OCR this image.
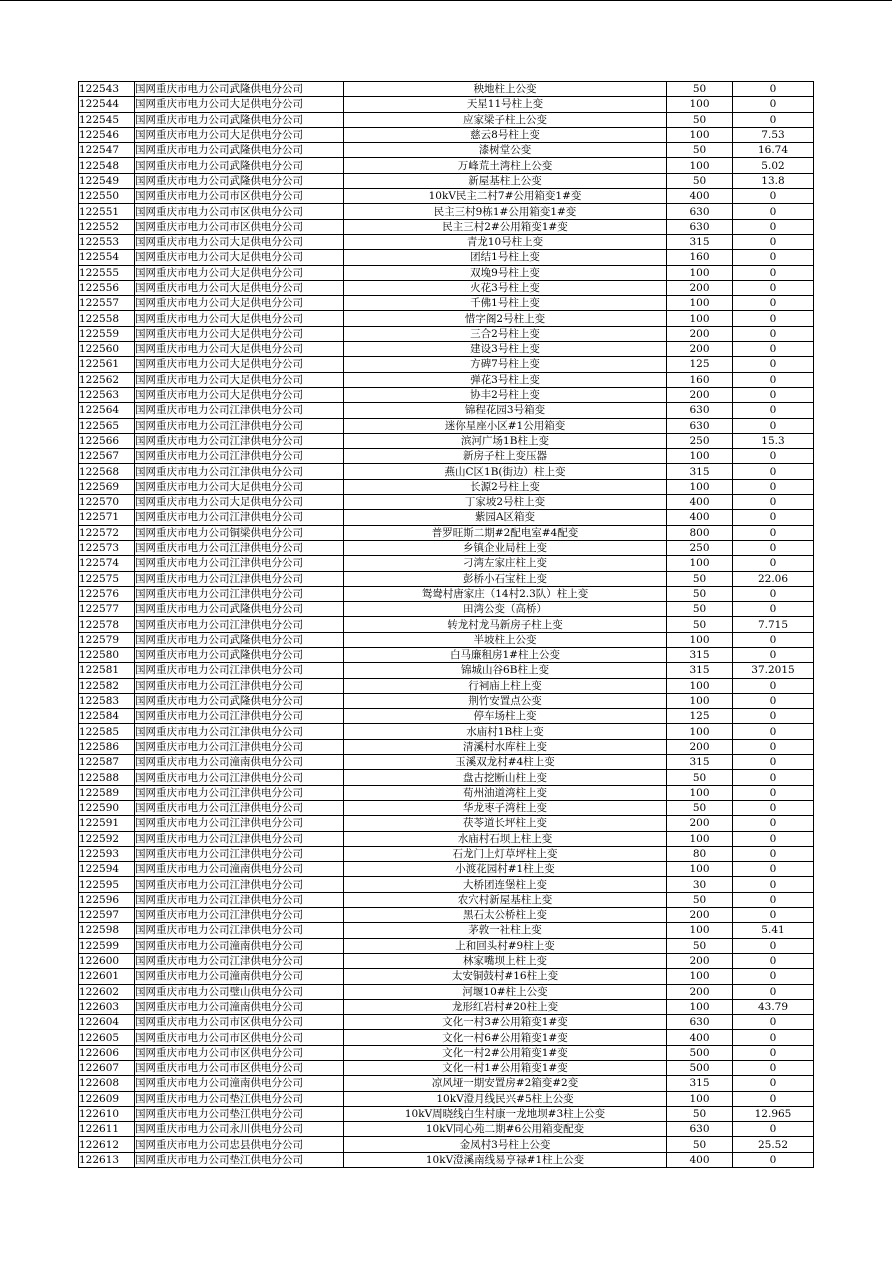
122543	国网重庆市电力公司武隆供电分公司	秧地柱上公变	50	0
122544	国网重庆市电力公司大足供电分公司	天星11号柱上变	100	0
122545	国网重庆市电力公司武隆供电分公司	应家梁子柱上公变	50	0
122546	国网重庆市电力公司大足供电分公司	慈云8号柱上变	100	7.53
122547	国网重庆市电力公司武隆供电分公司	漆树堂公变	50	16.74
122548	国网重庆市电力公司武隆供电分公司	万峰荒土湾柱上公变	100	5.02
122549	国网重庆市电力公司武隆供电分公司	新屋基柱上公变	50	13.8
122550	国网重庆市电力公司市区供电分公司	10kV民主二村7#公用箱变1#变	400	0
122551	国网重庆市电力公司市区供电分公司	民主三村9栋1#公用箱变1#变	630	0
122552	国网重庆市电力公司市区供电分公司	民主三村2#公用箱变1#变	630	0
122553	国网重庆市电力公司大足供电分公司	青龙10号柱上变	315	0
122554	国网重庆市电力公司大足供电分公司	团结1号柱上变	160	0
122555	国网重庆市电力公司大足供电分公司	双堍9号柱上变	100	0
122556	国网重庆市电力公司大足供电分公司	火花3号柱上变	200	0
122557	国网重庆市电力公司大足供电分公司	千佛1号柱上变	100	0
122558	国网重庆市电力公司大足供电分公司	惜字阁2号柱上变	100	0
122559	国网重庆市电力公司大足供电分公司	三合2号柱上变	200	0
122560	国网重庆市电力公司大足供电分公司	建设3号柱上变	200	0
122561	国网重庆市电力公司大足供电分公司	方碑7号柱上变	125	0
122562	国网重庆市电力公司大足供电分公司	弹花3号柱上变	160	0
122563	国网重庆市电力公司大足供电分公司	协丰2号柱上变	200	0
122564	国网重庆市电力公司江津供电分公司	锦程花园3号箱变	630	0
122565	国网重庆市电力公司江津供电分公司	迷你星座小区#1公用箱变	630	0
122566	国网重庆市电力公司江津供电分公司	滨河广场1B柱上变	250	15.3
122567	国网重庆市电力公司江津供电分公司	新房子柱上变压器	100	0
122568	国网重庆市电力公司江津供电分公司	燕山C区1B(街边）柱上变	315	0
122569	国网重庆市电力公司大足供电分公司	长源2号柱上变	100	0
122570	国网重庆市电力公司大足供电分公司	丁家坡2号柱上变	400	0
122571	国网重庆市电力公司江津供电分公司	紫园A区箱变	400	0
122572	国网重庆市电力公司铜梁供电分公司	普罗旺斯二期#2配电室#4配变	800	0
122573	国网重庆市电力公司江津供电分公司	乡镇企业局柱上变	250	0
122574	国网重庆市电力公司江津供电分公司	刁湾左家庄柱上变	100	0
122575	国网重庆市电力公司江津供电分公司	彭桥小石宝柱上变	50	22.06
122576	国网重庆市电力公司江津供电分公司	鸳鸯村唐家庄（14村2.3队）柱上变	50	0
122577	国网重庆市电力公司武隆供电分公司	田湾公变（高桥）	50	0
122578	国网重庆市电力公司江津供电分公司	转龙村龙马新房子柱上变	50	7.715
122579	国网重庆市电力公司武隆供电分公司	半坡柱上公变	100	0
122580	国网重庆市电力公司武隆供电分公司	白马廉租房1#柱上公变	315	0
122581	国网重庆市电力公司江津供电分公司	锦城山谷6B柱上变	315	37.2015
122582	国网重庆市电力公司江津供电分公司	行祠庙上柱上变	100	0
122583	国网重庆市电力公司武隆供电分公司	荆竹安置点公变	100	0
122584	国网重庆市电力公司江津供电分公司	停车场柱上变	125	0
122585	国网重庆市电力公司江津供电分公司	水庙村1B柱上变	100	0
122586	国网重庆市电力公司江津供电分公司	清溪村水库柱上变	200	0
122587	国网重庆市电力公司潼南供电分公司	玉溪双龙村#4柱上变	315	0
122588	国网重庆市电力公司江津供电分公司	盘古挖断山柱上变	50	0
122589	国网重庆市电力公司江津供电分公司	荀州油道湾柱上变	100	0
122590	国网重庆市电力公司江津供电分公司	华龙枣子湾柱上变	50	0
122591	国网重庆市电力公司江津供电分公司	茯苓道长坪柱上变	200	0
122592	国网重庆市电力公司江津供电分公司	水庙村石坝上柱上变	100	0
122593	国网重庆市电力公司江津供电分公司	石龙门上灯草坪柱上变	80	0
122594	国网重庆市电力公司潼南供电分公司	小渡花园村#1柱上变	100	0
122595	国网重庆市电力公司江津供电分公司	大桥团连堡柱上变	30	0
122596	国网重庆市电力公司江津供电分公司	农穴村新屋基柱上变	50	0
122597	国网重庆市电力公司江津供电分公司	黑石太公桥柱上变	200	0
122598	国网重庆市电力公司江津供电分公司	茅敦一社柱上变	100	5.41
122599	国网重庆市电力公司潼南供电分公司	上和回头村#9柱上变	50	0
122600	国网重庆市电力公司江津供电分公司	林家嘴坝上柱上变	200	0
122601	国网重庆市电力公司潼南供电分公司	太安铜鼓村#16柱上变	100	0
122602	国网重庆市电力公司璧山供电分公司	河堰10#柱上公变	200	0
122603	国网重庆市电力公司潼南供电分公司	龙形红岩村#20柱上变	100	43.79
122604	国网重庆市电力公司市区供电分公司	文化一村3#公用箱变1#变	630	0
122605	国网重庆市电力公司市区供电分公司	文化一村6#公用箱变1#变	400	0
122606	国网重庆市电力公司市区供电分公司	文化一村2#公用箱变1#变	500	0
122607	国网重庆市电力公司市区供电分公司	文化一村1#公用箱变1#变	500	0
122608	国网重庆市电力公司潼南供电分公司	凉风垭一期安置房#2箱变#2变	315	0
122609	国网重庆市电力公司垫江供电分公司	10kV澄月线民兴#5柱上公变	100	0
122610	国网重庆市电力公司垫江供电分公司	10kV周晓线白生村康一龙地坝#3柱上公变	50	12.965
122611	国网重庆市电力公司永川供电分公司	10kV同心苑二期#6公用箱变配变	630	0
122612	国网重庆市电力公司忠县供电分公司	金凤村3号柱上公变	50	25.52
122613	国网重庆市电力公司垫江供电分公司	10kV澄溪南线易亨禄#1柱上公变	400	0
